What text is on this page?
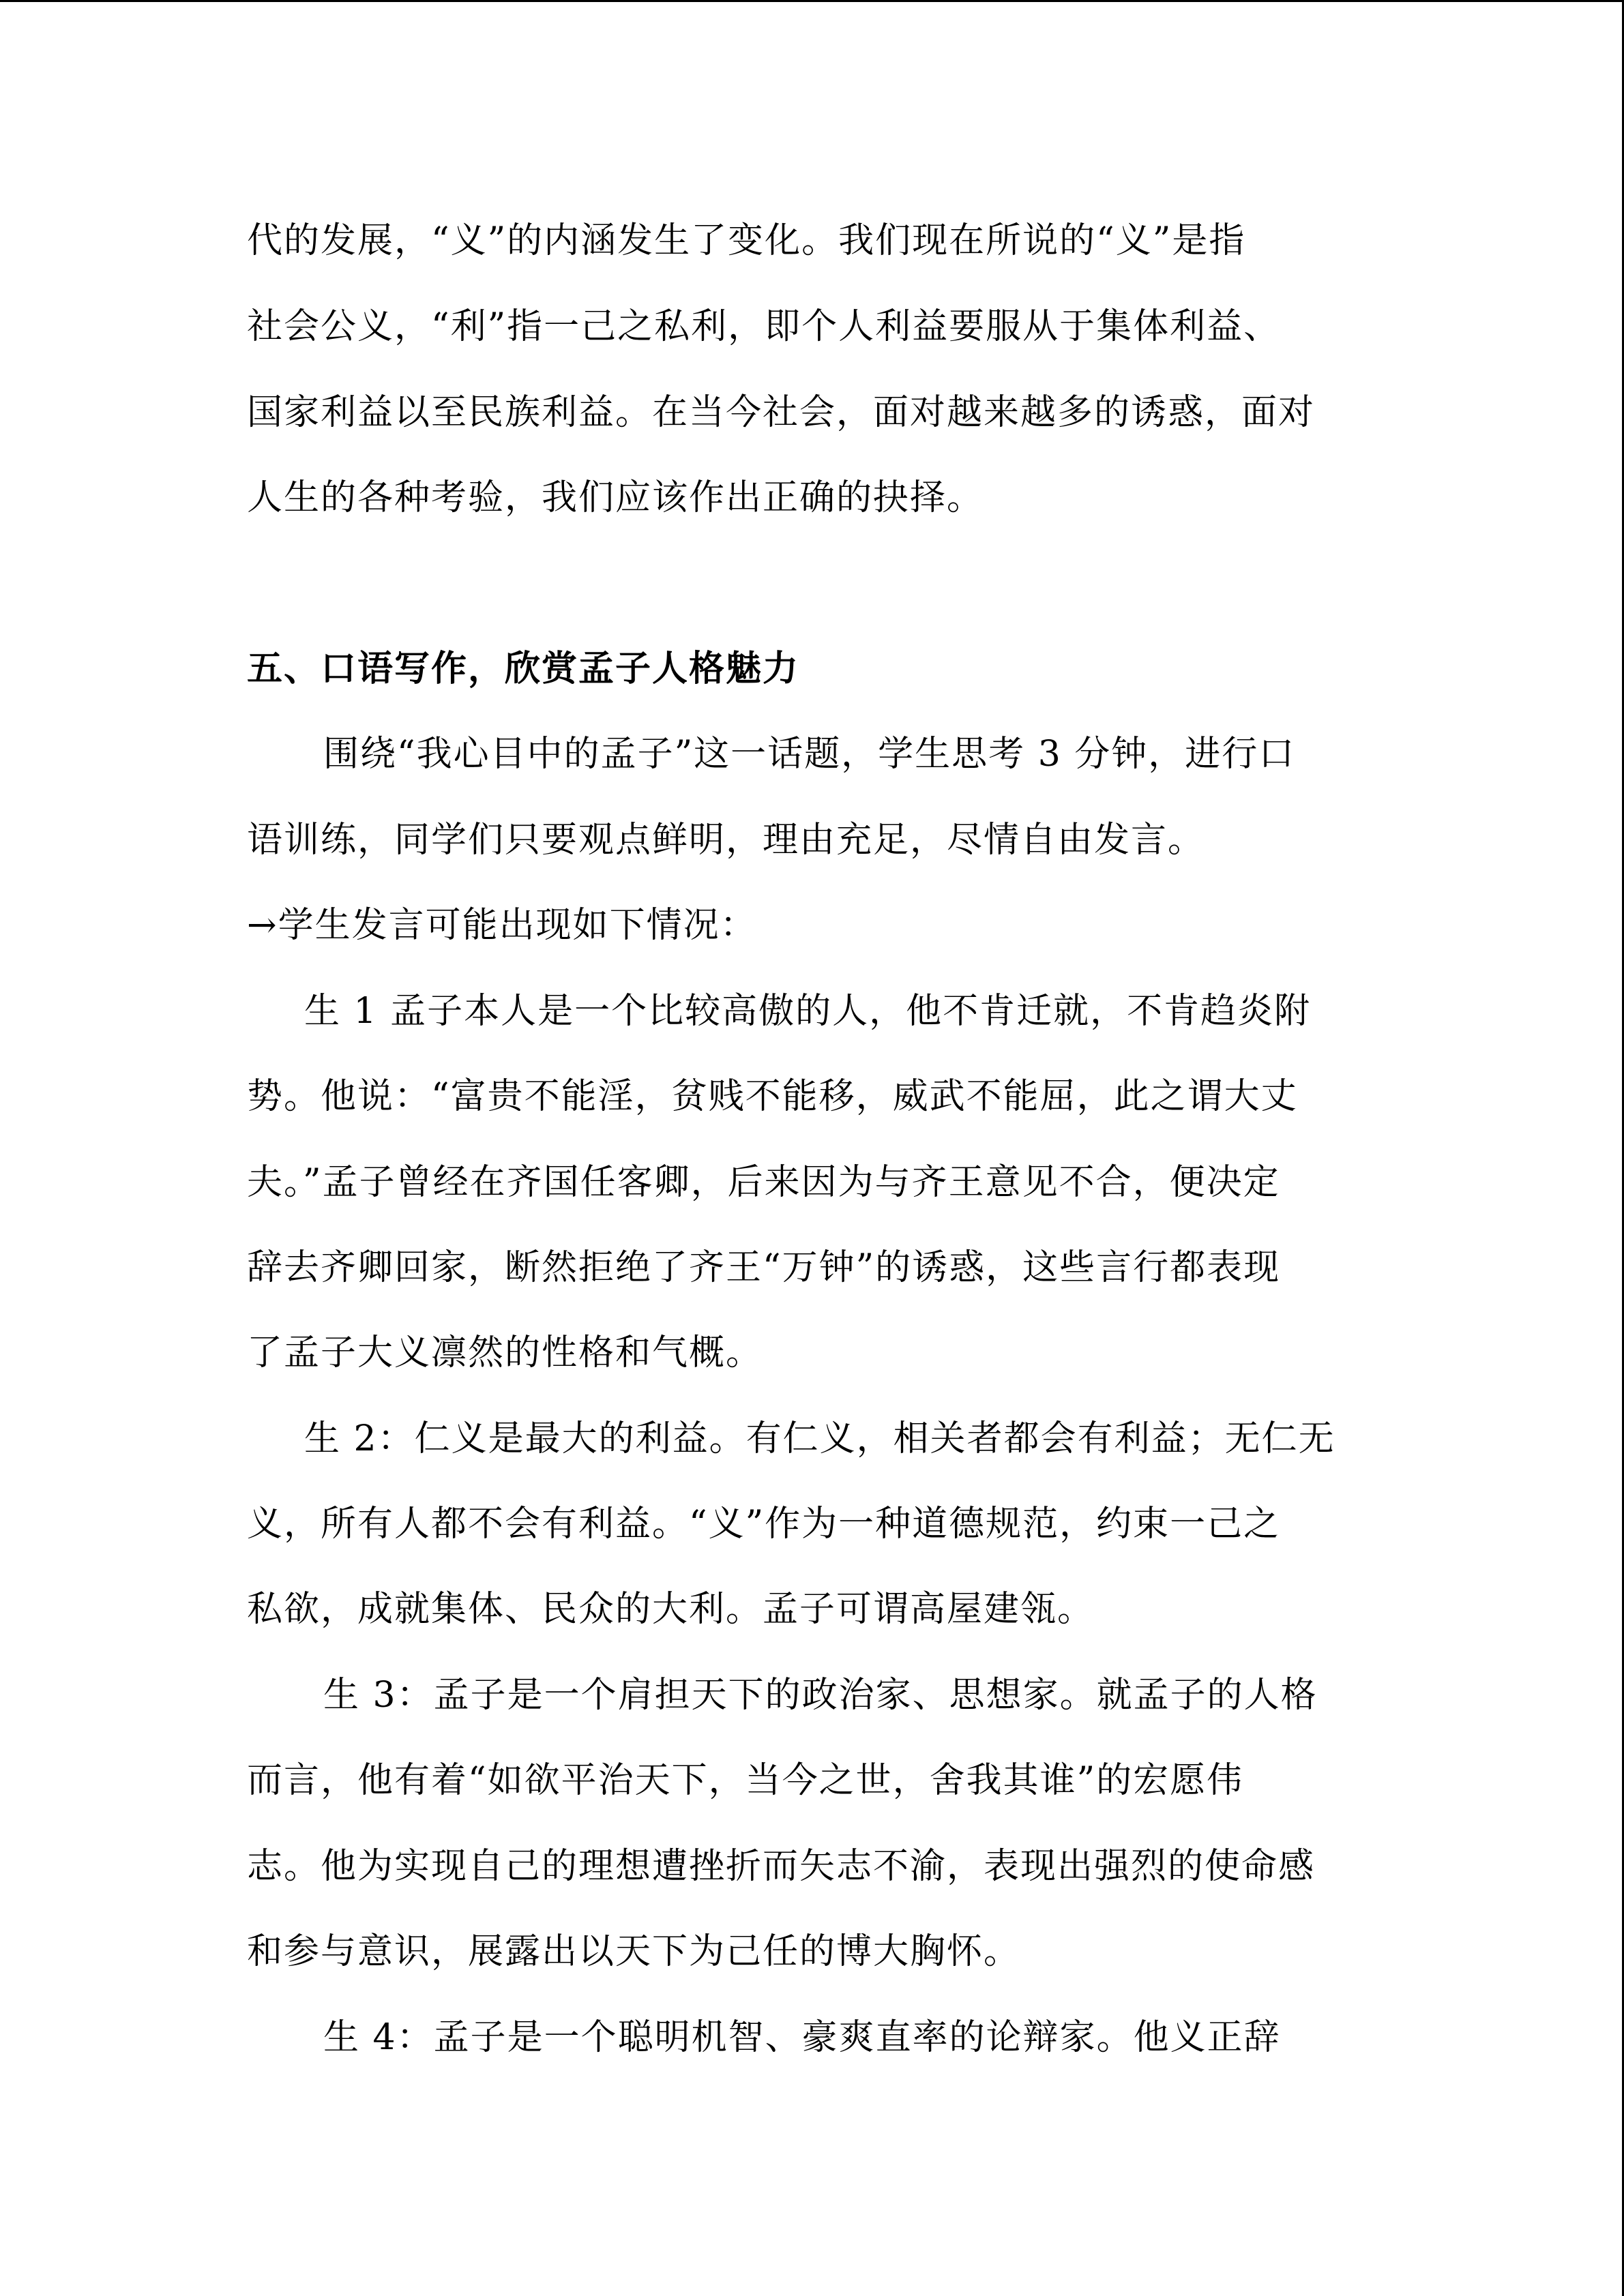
代的发展，“义”的内涵发生了变化。我们现在所说的“义”是指
社会公义，“利”指一己之私利，即个人利益要服从于集体利益、
国家利益以至民族利益。在当今社会，面对越来越多的诱惑，面对
人生的各种考验，我们应该作出正确的抉择。
五、口语写作，欣赏孟子人格魅力
围绕“我心目中的孟子”这一话题，学生思考 3 分钟，进行口
语训练，同学们只要观点鲜明，理由充足，尽情自由发言。
→学生发言可能出现如下情况：
生 1 孟子本人是一个比较高傲的人，他不肯迁就，不肯趋炎附
势。他说：“富贵不能淫，贫贱不能移，威武不能屈，此之谓大丈
夫。”孟子曾经在齐国任客卿，后来因为与齐王意见不合，便决定
辞去齐卿回家，断然拒绝了齐王“万钟”的诱惑，这些言行都表现
了孟子大义凛然的性格和气概。
生 2：仁义是最大的利益。有仁义，相关者都会有利益；无仁无
义，所有人都不会有利益。“义”作为一种道德规范，约束一己之
私欲，成就集体、民众的大利。孟子可谓高屋建瓴。
生 3：孟子是一个肩担天下的政治家、思想家。就孟子的人格
而言，他有着“如欲平治天下，当今之世，舍我其谁”的宏愿伟
志。他为实现自己的理想遭挫折而矢志不渝，表现出强烈的使命感
和参与意识，展露出以天下为己任的博大胸怀。
生 4：孟子是一个聪明机智、豪爽直率的论辩家。他义正辞
